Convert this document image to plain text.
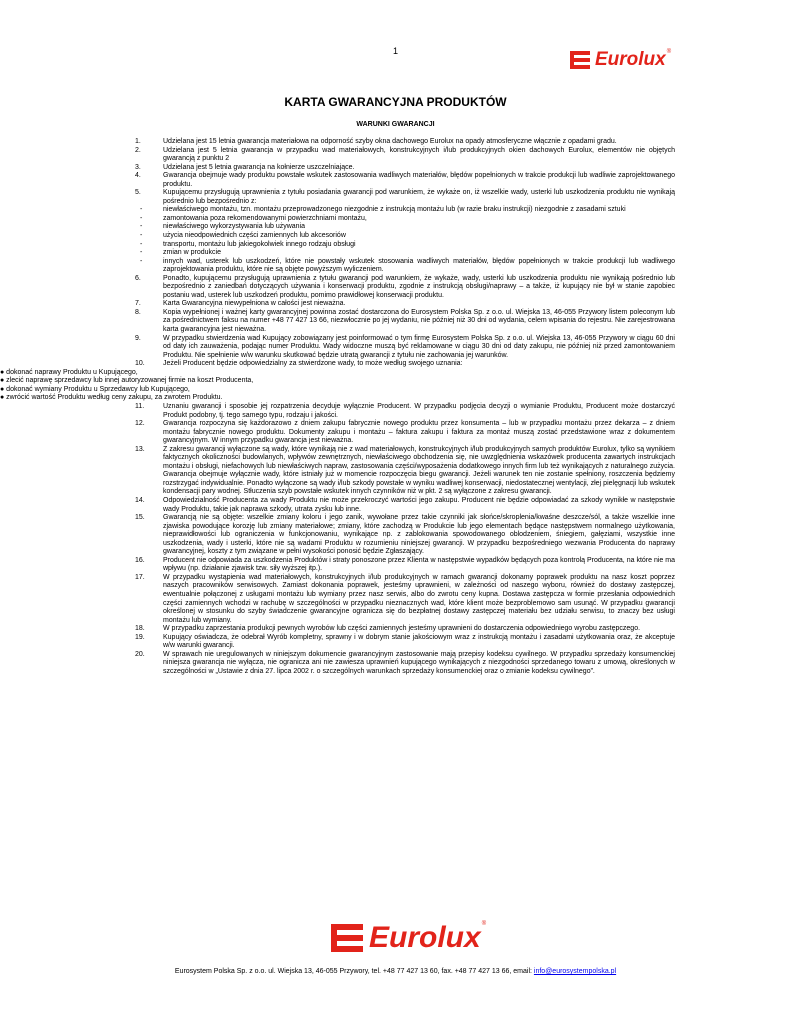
1	Eurolux ®
KARTA GWARANCYJNA PRODUKTÓW
WARUNKI GWARANCJI
1.	Udzielana jest 15 letnia gwarancja materiałowa na odporność szyby okna dachowego Eurolux na opady atmosferyczne włącznie z opadami gradu.
2.	Udzielana jest 5 letnia gwarancja w przypadku wad materiałowych, konstrukcyjnych i/lub produkcyjnych okien dachowych Eurolux, elementów nie objętych gwarancją z punktu 2
3.	Udzielana jest 5 letnia gwarancja na kołnierze uszczelniające.
4.	Gwarancja obejmuje wady produktu powstałe wskutek zastosowania wadliwych materiałów, błędów popełnionych w trakcie produkcji lub wadliwie zaprojektowanego produktu.
5.	Kupującemu przysługują uprawnienia z tytułu posiadania gwarancji pod warunkiem, że wykaże on, iż wszelkie wady, usterki lub uszkodzenia produktu nie wynikają pośrednio lub bezpośrednio z:
-	niewłaściwego montażu, tzn. montażu przeprowadzonego niezgodnie z instrukcją montażu lub (w razie braku instrukcji) niezgodnie z zasadami sztuki
-	zamontowania poza rekomendowanymi powierzchniami montażu,
-	niewłaściwego wykorzystywania lub używania
-	użycia nieodpowiednich części zamiennych lub akcesoriów
-	transportu, montażu lub jakiegokolwiek innego rodzaju obsługi
-	zmian w produkcie
-	innych wad, usterek lub uszkodzeń, które nie powstały wskutek stosowania wadliwych materiałów, błędów popełnionych w trakcie produkcji lub wadliwego zaprojektowania produktu, które nie są objęte powyższym wyliczeniem.
6.	Ponadto, kupującemu przysługują uprawnienia z tytułu gwarancji pod warunkiem, że wykaże, wady, usterki lub uszkodzenia produktu nie wynikają pośrednio lub bezpośrednio z zaniedbań dotyczących używania i konserwacji produktu, zgodnie z instrukcją obsługi/naprawy – a także, iż kupujący nie był w stanie zapobiec postaniu wad, usterek lub uszkodzeń produktu, pomimo prawidłowej konserwacji produktu.
7.	Karta Gwarancyjna niewypełniona w całości jest nieważna.
8.	Kopia wypełnionej i ważnej karty gwarancyjnej powinna zostać dostarczona do Eurosystem Polska Sp. z o.o. ul. Wiejska 13, 46-055 Przywory listem poleconym lub za pośrednictwem faksu na numer +48 77 427 13 66, niezwłocznie po jej wydaniu, nie później niż 30 dni od wydania, celem wpisania do rejestru. Nie zarejestrowana karta gwarancyjna jest nieważna.
9.	W przypadku stwierdzenia wad Kupujący zobowiązany jest poinformować o tym firmę Eurosystem Polska Sp. z o.o. ul. Wiejska 13, 46-055 Przywory w ciągu 60 dni od daty ich zauważenia, podając numer Produktu. Wady widoczne muszą być reklamowane w ciągu 30 dni od daty zakupu, nie później niż przed zamontowaniem Produktu. Nie spełnienie w/w warunku skutkować będzie utratą gwarancji z tytułu nie zachowania jej warunków.
10.	Jeżeli Producent będzie odpowiedzialny za stwierdzone wady, to może według swojego uznania:
● dokonać naprawy Produktu u Kupującego,
● zlecić naprawę sprzedawcy lub innej autoryzowanej firmie na koszt Producenta,
● dokonać wymiany Produktu u Sprzedawcy lub Kupującego,
● zwrócić wartość Produktu według ceny zakupu, za zwrotem Produktu.
11.	Uznaniu gwarancji i sposobie jej rozpatrzenia decyduje wyłącznie Producent. W przypadku podjęcia decyzji o wymianie Produktu, Producent może dostarczyć Produkt podobny, tj. tego samego typu, rodzaju i jakości.
12.	Gwarancja rozpoczyna się każdorazowo z dniem zakupu fabrycznie nowego produktu przez konsumenta – lub w przypadku montażu przez dekarza – z dniem montażu fabrycznie nowego produktu. Dokumenty zakupu i montażu – faktura zakupu i faktura za montaż muszą zostać przedstawione wraz z dokumentem gwarancyjnym. W innym przypadku gwarancja jest nieważna.
13.	Z zakresu gwarancji wyłączone są wady, które wynikają nie z wad materiałowych, konstrukcyjnych i/lub produkcyjnych samych produktów Eurolux, tylko są wynikiem faktycznych okoliczności budowlanych, wpływów zewnętrznych, niewłaściwego obchodzenia się, nie uwzględnienia wskazówek producenta zawartych instrukcjach montażu i obsługi, niefachowych lub niewłaściwych napraw, zastosowania części/wyposażenia dodatkowego innych firm lub też wynikających z naturalnego zużycia. Gwarancja obejmuje wyłącznie wady, które istniały już w momencie rozpoczęcia biegu gwarancji. Jeżeli warunek ten nie zostanie spełniony, roszczenia będziemy rozstrzygać indywidualnie. Ponadto wyłączone są wady i/lub szkody powstałe w wyniku wadliwej konserwacji, niedostatecznej wentylacji, złej pielęgnacji lub wskutek kondensacji pary wodnej. Stłuczenia szyb powstałe wskutek innych czynników niż w pkt. 2 są wyłączone z zakresu gwarancji.
14.	Odpowiedzialność Producenta za wady Produktu nie może przekroczyć wartości jego zakupu. Producent nie będzie odpowiadać za szkody wynikłe w następstwie wady Produktu, takie jak naprawa szkody, utrata zysku lub inne.
15.	Gwarancją nie są objęte: wszelkie zmiany koloru i jego zanik, wywołane przez takie czynniki jak słońce/skroplenia/kwaśne deszcze/sól, a także wszelkie inne zjawiska powodujące korozję lub zmiany materiałowe; zmiany, które zachodzą w Produkcie lub jego elementach będące następstwem normalnego użytkowania, nieprawidłowości lub ograniczenia w funkcjonowaniu, wynikające np. z zablokowania spowodowanego oblodzeniem, śniegiem, gałęziami, wszystkie inne uszkodzenia, wady i usterki, które nie są wadami Produktu w rozumieniu niniejszej gwarancji. W przypadku bezpośredniego wezwania Producenta do naprawy gwarancyjnej, koszty z tym związane w pełni wysokości ponosić będzie Zgłaszający.
16.	Producent nie odpowiada za uszkodzenia Produktów i straty ponoszone przez Klienta w następstwie wypadków będących poza kontrolą Producenta, na które nie ma wpływu (np. działanie zjawisk tzw. siły wyższej itp.).
17.	W przypadku wystąpienia wad materiałowych, konstrukcyjnych i/lub produkcyjnych w ramach gwarancji dokonamy poprawek produktu na nasz koszt poprzez naszych pracowników serwisowych. Zamiast dokonania poprawek, jesteśmy uprawnieni, w zależności od naszego wyboru, również do dostawy zastępczej, ewentualnie połączonej z usługami montażu lub wymiany przez nasz serwis, albo do zwrotu ceny kupna. Dostawa zastępcza w formie przesłania odpowiednich części zamiennych wchodzi w rachubę w szczególności w przypadku nieznacznych wad, które klient może bezproblemowo sam usunąć. W przypadku gwarancji określonej w stosunku do szyby świadczenie gwarancyjne ogranicza się do bezpłatnej dostawy zastępczej materiału bez udziału serwisu, to znaczy bez usługi montażu lub wymiany.
18.	W przypadku zaprzestania produkcji pewnych wyrobów lub części zamiennych jesteśmy uprawnieni do dostarczenia odpowiedniego wyrobu zastępczego.
19.	Kupujący oświadcza, że odebrał Wyrób kompletny, sprawny i w dobrym stanie jakościowym wraz z instrukcją montażu i zasadami użytkowania oraz, że akceptuje w/w warunki gwarancji.
20.	W sprawach nie uregulowanych w niniejszym dokumencie gwarancyjnym zastosowanie mają przepisy kodeksu cywilnego. W przypadku sprzedaży konsumenckiej niniejsza gwarancja nie wyłącza, nie ogranicza ani nie zawiesza uprawnień kupującego wynikających z niezgodności sprzedanego towaru z umową, określonych w szczególności w „Ustawie z dnia 27. lipca 2002 r. o szczególnych warunkach sprzedaży konsumenckiej oraz o zmianie kodeksu cywilnego”.
Eurolux ®
Eurosystem Polska Sp. z o.o. ul. Wiejska 13, 46-055 Przywory, tel. +48 77 427 13 60, fax. +48 77 427 13 66, email: info@eurosystempolska.pl
